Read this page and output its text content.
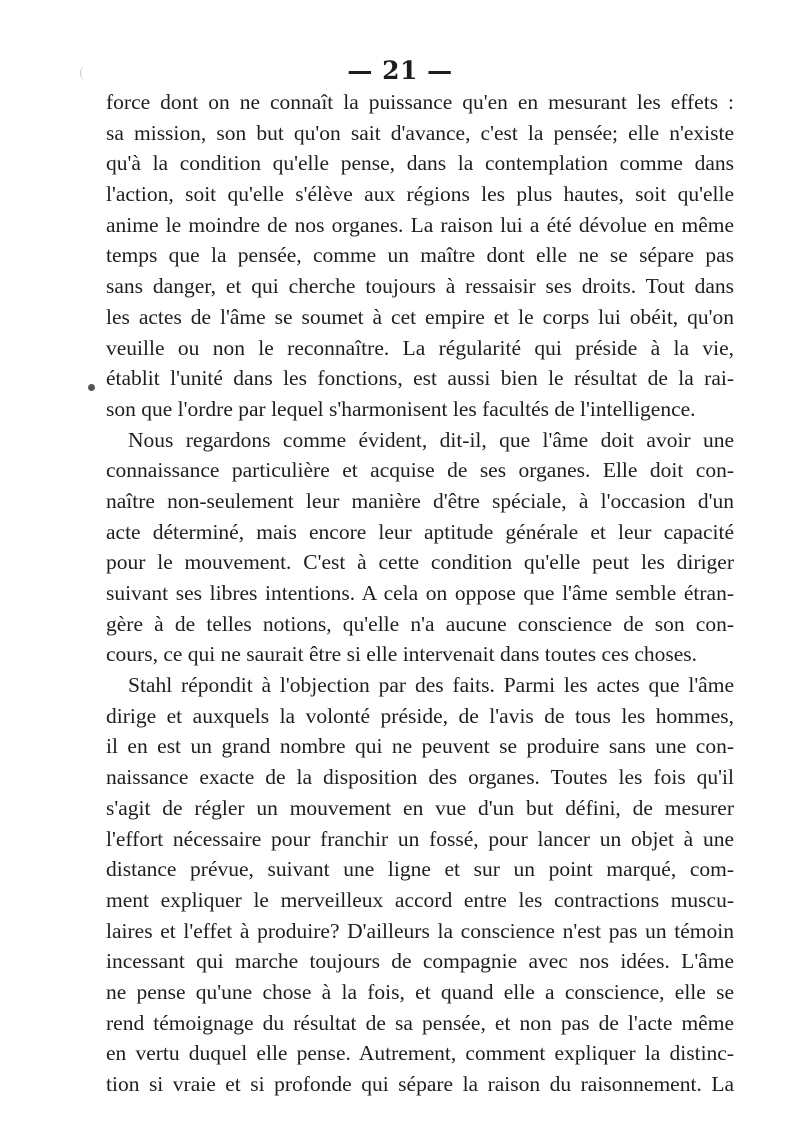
— 21 —
force dont on ne connaît la puissance qu'en en mesurant les effets :
sa mission, son but qu'on sait d'avance, c'est la pensée; elle n'existe
qu'à la condition qu'elle pense, dans la contemplation comme dans
l'action, soit qu'elle s'élève aux régions les plus hautes, soit qu'elle
anime le moindre de nos organes. La raison lui a été dévolue en même
temps que la pensée, comme un maître dont elle ne se sépare pas
sans danger, et qui cherche toujours à ressaisir ses droits. Tout dans
les actes de l'âme se soumet à cet empire et le corps lui obéit, qu'on
veuille ou non le reconnaître. La régularité qui préside à la vie,
établit l'unité dans les fonctions, est aussi bien le résultat de la rai-
son que l'ordre par lequel s'harmonisent les facultés de l'intelligence.
Nous regardons comme évident, dit-il, que l'âme doit avoir une
connaissance particulière et acquise de ses organes. Elle doit con-
naître non-seulement leur manière d'être spéciale, à l'occasion d'un
acte déterminé, mais encore leur aptitude générale et leur capacité
pour le mouvement. C'est à cette condition qu'elle peut les diriger
suivant ses libres intentions. A cela on oppose que l'âme semble étran-
gère à de telles notions, qu'elle n'a aucune conscience de son con-
cours, ce qui ne saurait être si elle intervenait dans toutes ces choses.
Stahl répondit à l'objection par des faits. Parmi les actes que l'âme
dirige et auxquels la volonté préside, de l'avis de tous les hommes,
il en est un grand nombre qui ne peuvent se produire sans une con-
naissance exacte de la disposition des organes. Toutes les fois qu'il
s'agit de régler un mouvement en vue d'un but défini, de mesurer
l'effort nécessaire pour franchir un fossé, pour lancer un objet à une
distance prévue, suivant une ligne et sur un point marqué, com-
ment expliquer le merveilleux accord entre les contractions muscu-
laires et l'effet à produire? D'ailleurs la conscience n'est pas un témoin
incessant qui marche toujours de compagnie avec nos idées. L'âme
ne pense qu'une chose à la fois, et quand elle a conscience, elle se
rend témoignage du résultat de sa pensée, et non pas de l'acte même
en vertu duquel elle pense. Autrement, comment expliquer la distinc-
tion si vraie et si profonde qui sépare la raison du raisonnement. La
